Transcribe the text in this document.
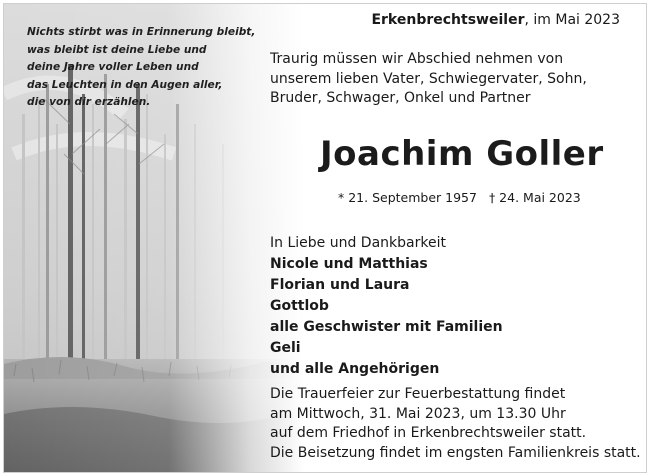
Nichts stirbt was in Erinnerung bleibt,
was bleibt ist deine Liebe und
deine Jahre voller Leben und
das Leuchten in den Augen aller,
die von dir erzählen.
Erkenbrechtsweiler, im Mai 2023
Traurig müssen wir Abschied nehmen von
unserem lieben Vater, Schwiegervater, Sohn,
Bruder, Schwager, Onkel und Partner
Joachim Goller
* 21. September 1957 † 24. Mai 2023
In Liebe und Dankbarkeit
Nicole und Matthias
Florian und Laura
Gottlob
alle Geschwister mit Familien
Geli
und alle Angehörigen
Die Trauerfeier zur Feuerbestattung findet
am Mittwoch, 31. Mai 2023, um 13.30 Uhr
auf dem Friedhof in Erkenbrechtsweiler statt.
Die Beisetzung findet im engsten Familienkreis statt.
